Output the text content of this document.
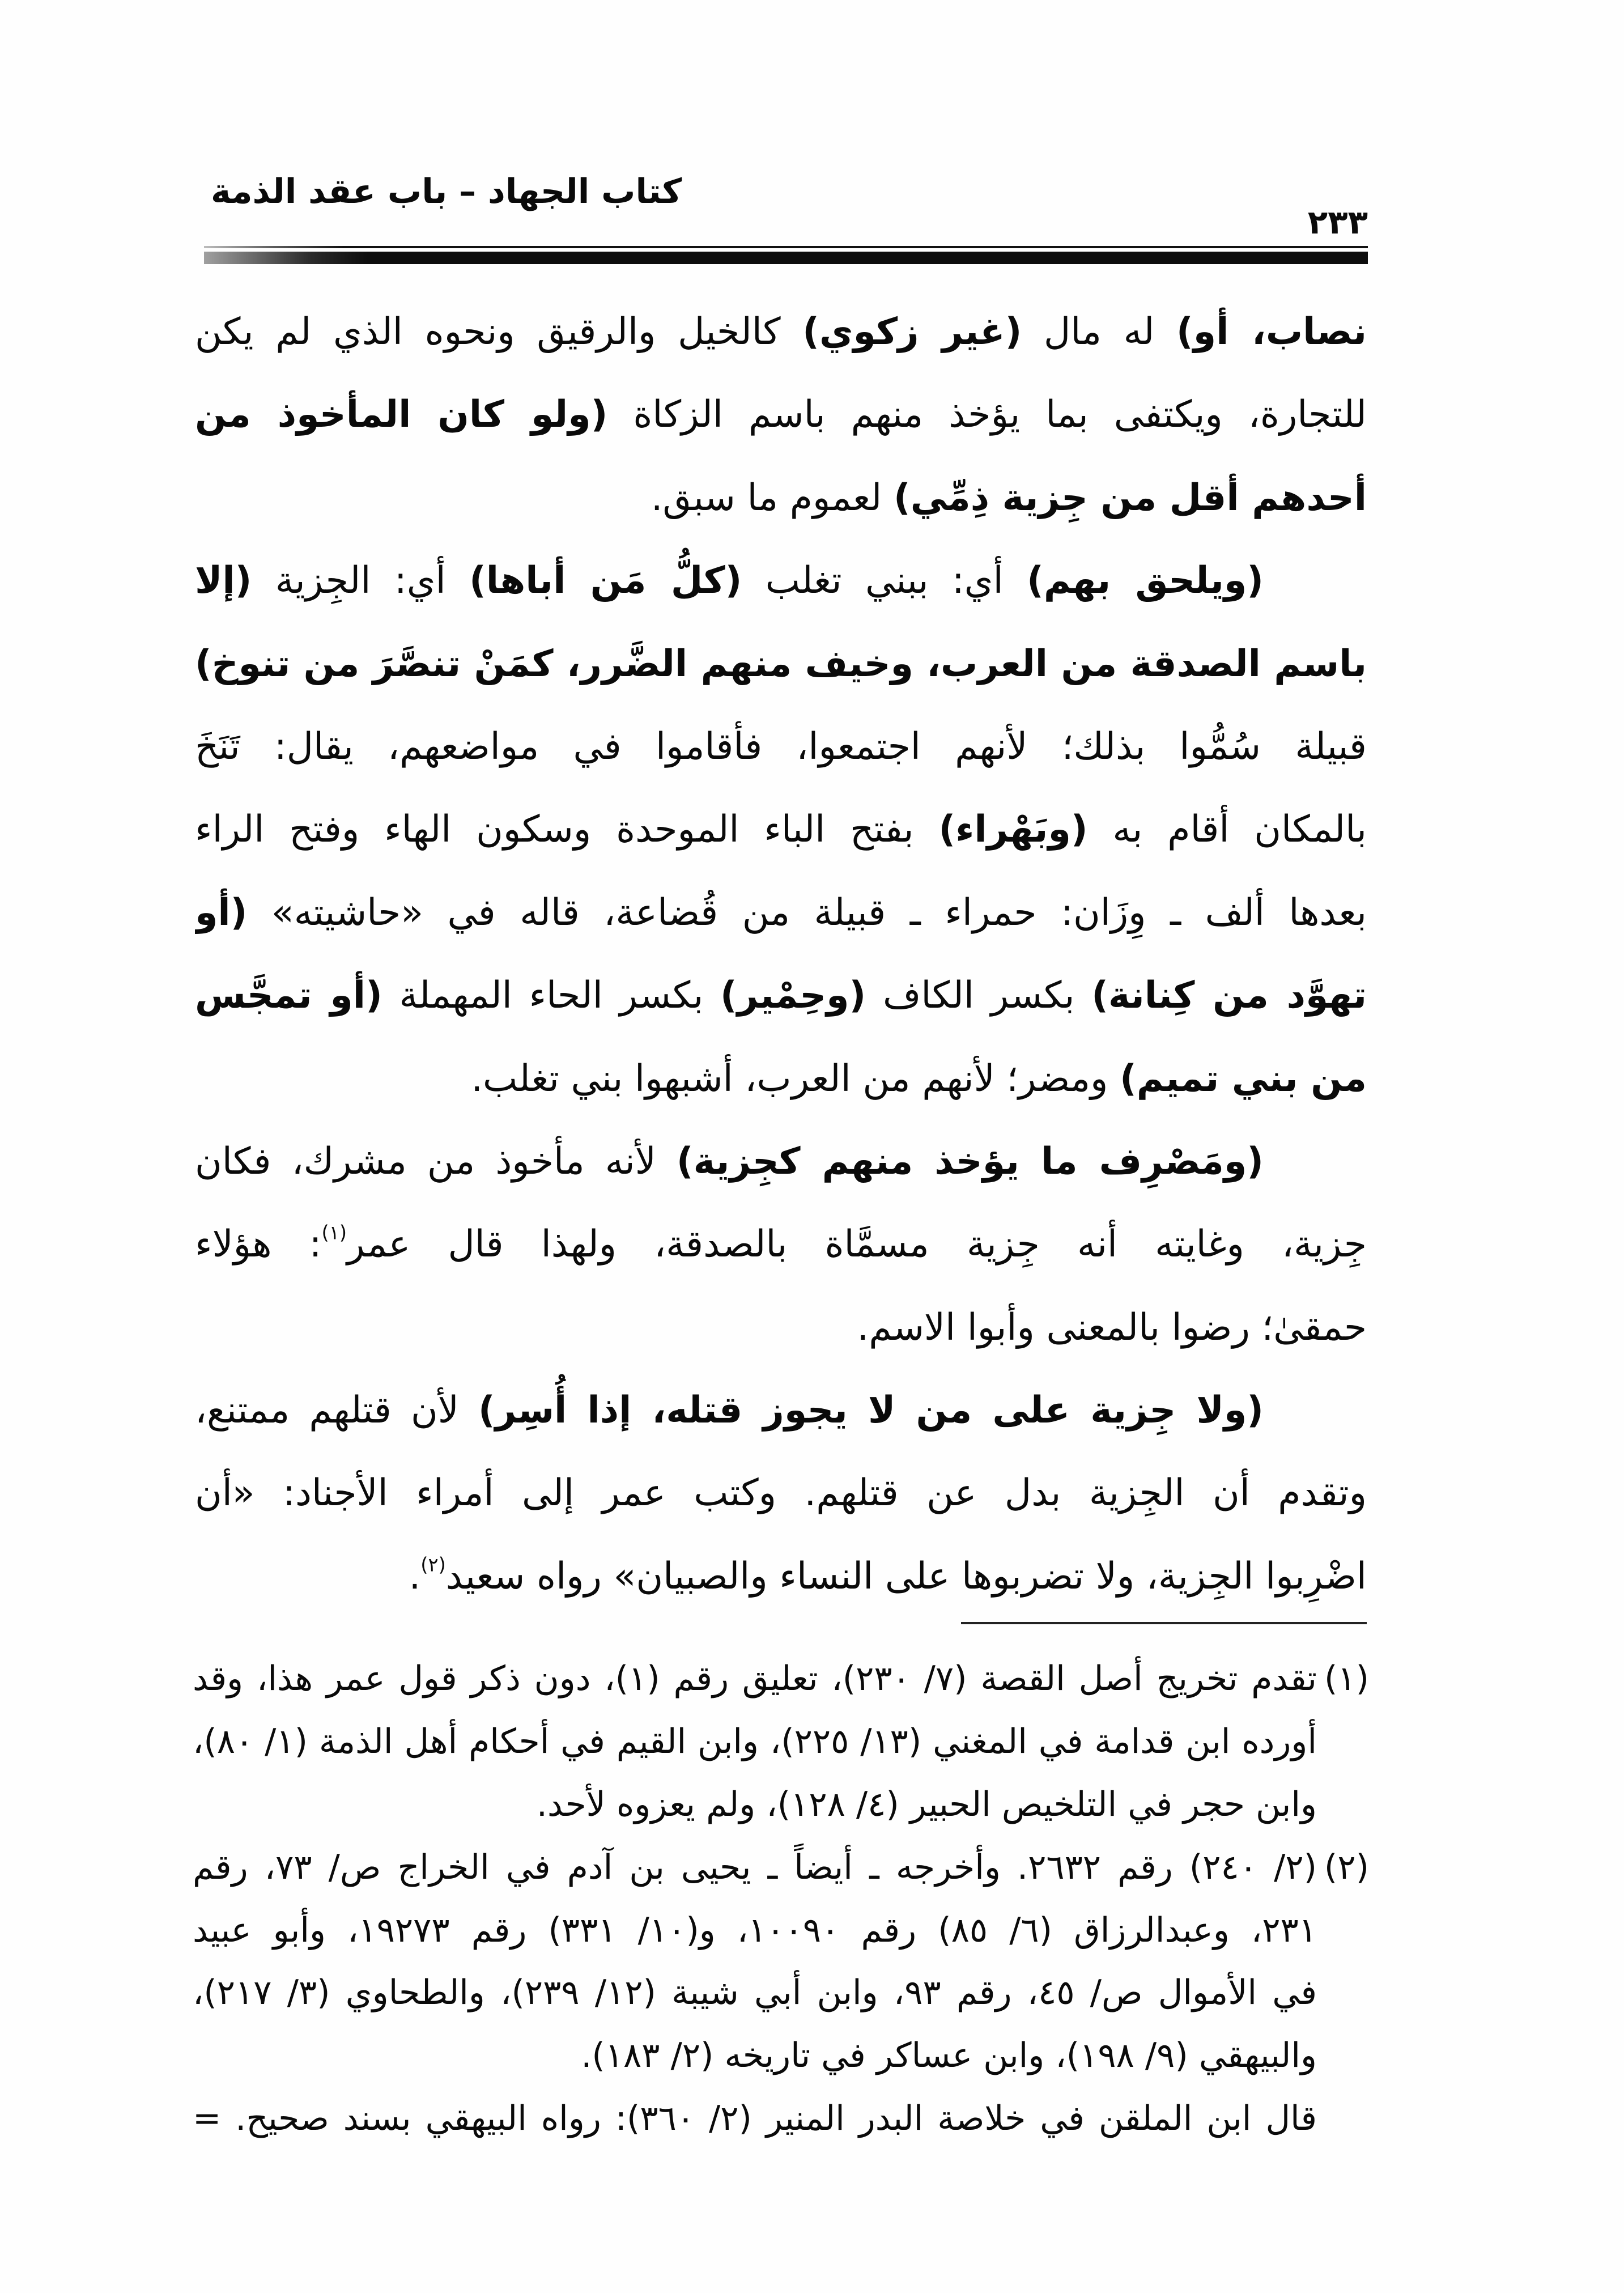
كتاب الجهاد – باب عقد الذمة
٢٣٣
نصاب، أو) له مال (غير زكوي) كالخيل والرقيق ونحوه الذي لم يكن
للتجارة، ويكتفى بما يؤخذ منهم باسم الزكاة (ولو كان المأخوذ من
أحدهم أقل من جِزية ذِمِّي) لعموم ما سبق.
(ويلحق بهم) أي: ببني تغلب (كلُّ مَن أباها) أي: الجِزية (إلا
باسم الصدقة من العرب، وخيف منهم الضَّرر، كمَنْ تنصَّرَ من تنوخ)
قبيلة سُمُّوا بذلك؛ لأنهم اجتمعوا، فأقاموا في مواضعهم، يقال: تَنَخَ
بالمكان أقام به (وبَهْراء) بفتح الباء الموحدة وسكون الهاء وفتح الراء
بعدها ألف ـ وِزَان: حمراء ـ قبيلة من قُضاعة، قاله في «حاشيته» (أو
تهوَّد من كِنانة) بكسر الكاف (وحِمْير) بكسر الحاء المهملة (أو تمجَّس
من بني تميم) ومضر؛ لأنهم من العرب، أشبهوا بني تغلب.
(ومَصْرِف ما يؤخذ منهم كجِزية) لأنه مأخوذ من مشرك، فكان
جِزية، وغايته أنه جِزية مسمَّاة بالصدقة، ولهذا قال عمر$^{(١)}$: هؤلاء
حمقىٰ؛ رضوا بالمعنى وأبوا الاسم.
(ولا جِزية على من لا يجوز قتله، إذا أُسِر) لأن قتلهم ممتنع،
وتقدم أن الجِزية بدل عن قتلهم. وكتب عمر إلى أمراء الأجناد: «أن
اضْرِبوا الجِزية، ولا تضربوها على النساء والصبيان» رواه سعيد$^{(٢)}$.
(١)تقدم تخريج أصل القصة (٧/ ٢٣٠)، تعليق رقم (١)، دون ذكر قول عمر هذا، وقد
أورده ابن قدامة في المغني (١٣/ ٢٢٥)، وابن القيم في أحكام أهل الذمة (١/ ٨٠)،
وابن حجر في التلخيص الحبير (٤/ ١٢٨)، ولم يعزوه لأحد.
(٢)(٢/ ٢٤٠) رقم ٢٦٣٢. وأخرجه ـ أيضاً ـ يحيى بن آدم في الخراج ص/ ٧٣، رقم
٢٣١، وعبدالرزاق (٦/ ٨٥) رقم ١٠٠٩٠، و(١٠/ ٣٣١) رقم ١٩٢٧٣، وأبو عبيد
في الأموال ص/ ٤٥، رقم ٩٣، وابن أبي شيبة (١٢/ ٢٣٩)، والطحاوي (٣/ ٢١٧)،
والبيهقي (٩/ ١٩٨)، وابن عساكر في تاريخه (٢/ ١٨٣).
قال ابن الملقن في خلاصة البدر المنير (٢/ ٣٦٠): رواه البيهقي بسند صحيح. =
